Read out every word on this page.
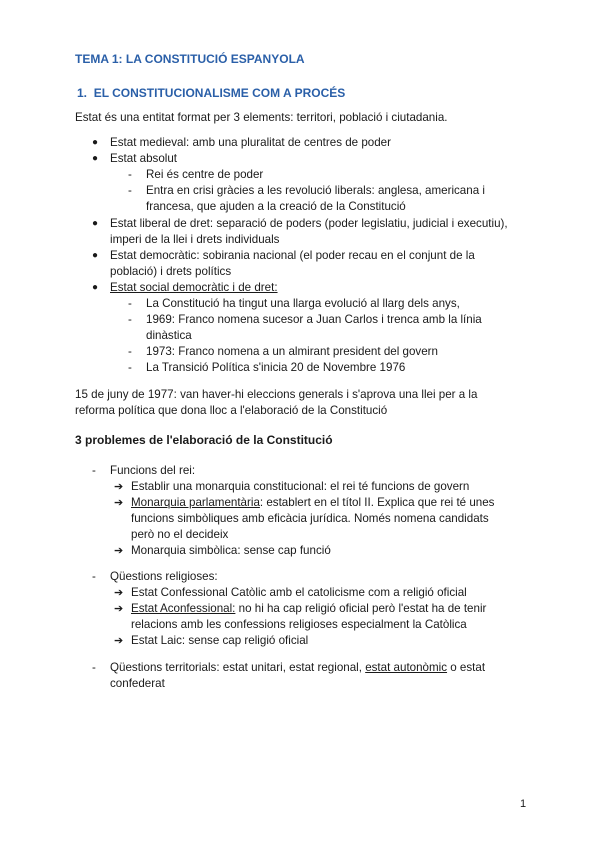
TEMA 1: LA CONSTITUCIÓ ESPANYOLA
1. EL CONSTITUCIONALISME COM A PROCÉS
Estat és una entitat format per 3 elements: territori, població i ciutadania.
● Estat medieval: amb una pluralitat de centres de poder
● Estat absolut
- Rei és centre de poder
- Entra en crisi gràcies a les revolució liberals: anglesa, americana i
francesa, que ajuden a la creació de la Constitució
● Estat liberal de dret: separació de poders (poder legislatiu, judicial i executiu),
imperi de la llei i drets individuals
● Estat democràtic: sobirania nacional (el poder recau en el conjunt de la
població) i drets polítics
● Estat social democràtic i de dret:
- La Constitució ha tingut una llarga evolució al llarg dels anys,
- 1969: Franco nomena sucesor a Juan Carlos i trenca amb la línia
dinàstica
- 1973: Franco nomena a un almirant president del govern
- La Transició Política s'inicia 20 de Novembre 1976
15 de juny de 1977: van haver-hi eleccions generals i s'aprova una llei per a la
reforma política que dona lloc a l'elaboració de la Constitució
3 problemes de l'elaboració de la Constitució
- Funcions del rei:
➔ Establir una monarquia constitucional: el rei té funcions de govern
➔ Monarquia parlamentària: establert en el títol II. Explica que rei té unes
funcions simbòliques amb eficàcia jurídica. Només nomena candidats
però no el decideix
➔ Monarquia simbòlica: sense cap funció
- Qüestions religioses:
➔ Estat Confessional Catòlic amb el catolicisme com a religió oficial
➔ Estat Aconfessional: no hi ha cap religió oficial però l'estat ha de tenir
relacions amb les confessions religioses especialment la Catòlica
➔ Estat Laic: sense cap religió oficial
- Qüestions territorials: estat unitari, estat regional, estat autonòmic o estat
confederat
1
